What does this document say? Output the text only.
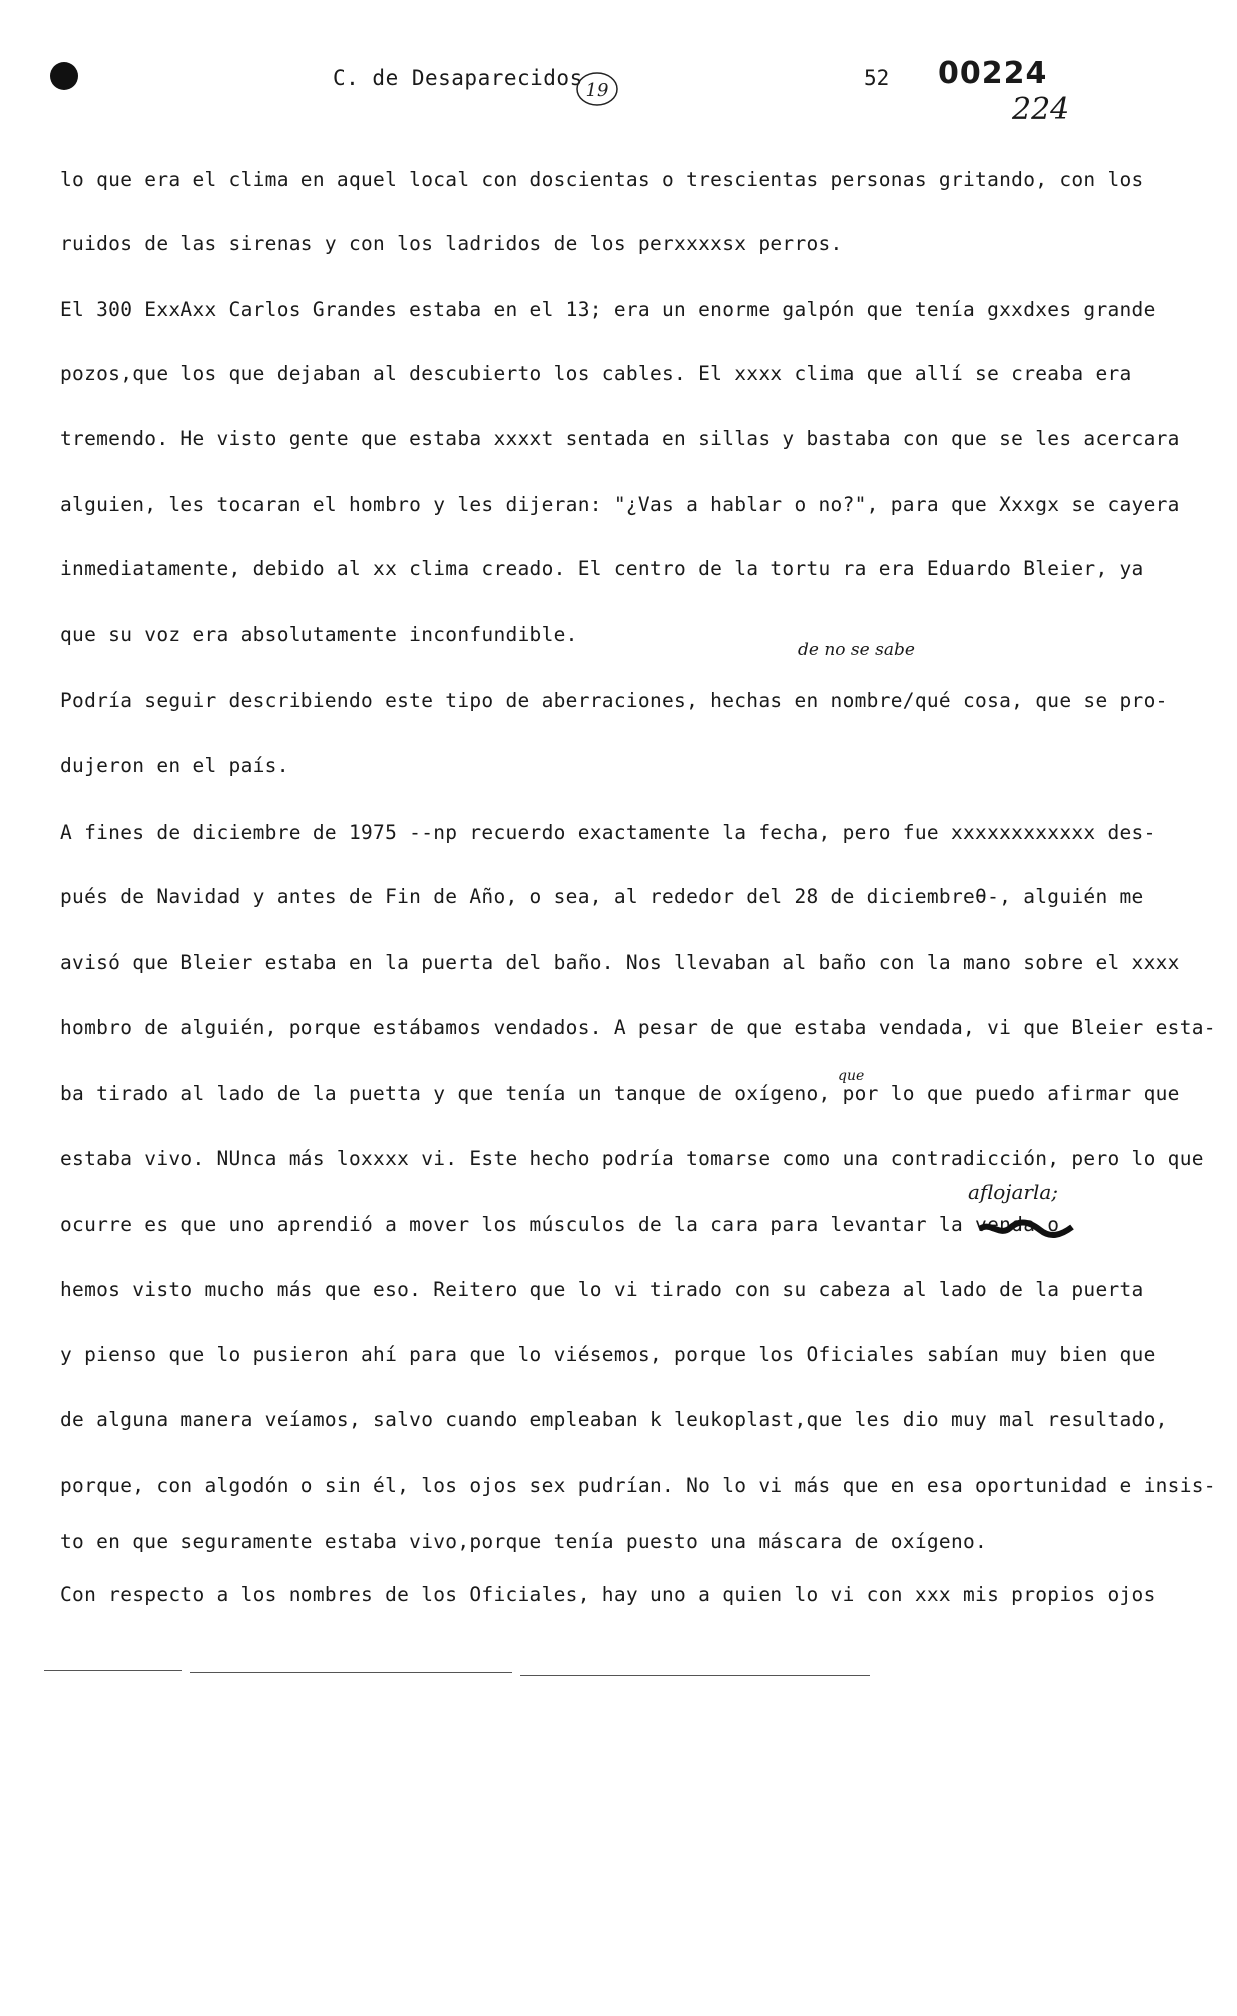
C. de Desaparecidos
19
52 00224
224
lo que era el clima en aquel local con doscientas o trescientas personas gritando, con los
ruidos de las sirenas y con los ladridos de los perxxxxsx perros.
El 300 ExxAxx Carlos Grandes estaba en el 13; era un enorme galpón que tenía gxxdxes grande
pozos,que los que dejaban al descubierto los cables. El xxxx clima que allí se creaba era
tremendo. He visto gente que estaba xxxxt sentada en sillas y bastaba con que se les acercara
alguien, les tocaran el hombro y les dijeran: "¿Vas a hablar o no?", para que Xxxgx se cayera
inmediatamente, debido al xx clima creado. El centro de la tortu ra era Eduardo Bleier, ya
que su voz era absolutamente inconfundible.
Podría seguir describiendo este tipo de aberraciones, hechas en nombre/qué cosa, que se pro-
dujeron en el país.
A fines de diciembre de 1975 --np recuerdo exactamente la fecha, pero fue xxxxxxxxxxxx des-
pués de Navidad y antes de Fin de Año, o sea, al rededor del 28 de diciembreθ-, alguién me
avisó que Bleier estaba en la puerta del baño. Nos llevaban al baño con la mano sobre el xxxx
hombro de alguién, porque estábamos vendados. A pesar de que estaba vendada, vi que Bleier esta-
ba tirado al lado de la puetta y que tenía un tanque de oxígeno, por lo que puedo afirmar que
estaba vivo. NUnca más loxxxx vi. Este hecho podría tomarse como una contradicción, pero lo que
ocurre es que uno aprendió a mover los músculos de la cara para levantar la venda o
hemos visto mucho más que eso. Reitero que lo vi tirado con su cabeza al lado de la puerta
y pienso que lo pusieron ahí para que lo viésemos, porque los Oficiales sabían muy bien que
de alguna manera veíamos, salvo cuando empleaban k leukoplast,que les dio muy mal resultado,
porque, con algodón o sin él, los ojos sex pudrían. No lo vi más que en esa oportunidad e insis-
to en que seguramente estaba vivo,porque tenía puesto una máscara de oxígeno.
Con respecto a los nombres de los Oficiales, hay uno a quien lo vi con xxx mis propios ojos
de no se sabe
que
aflojarla;
